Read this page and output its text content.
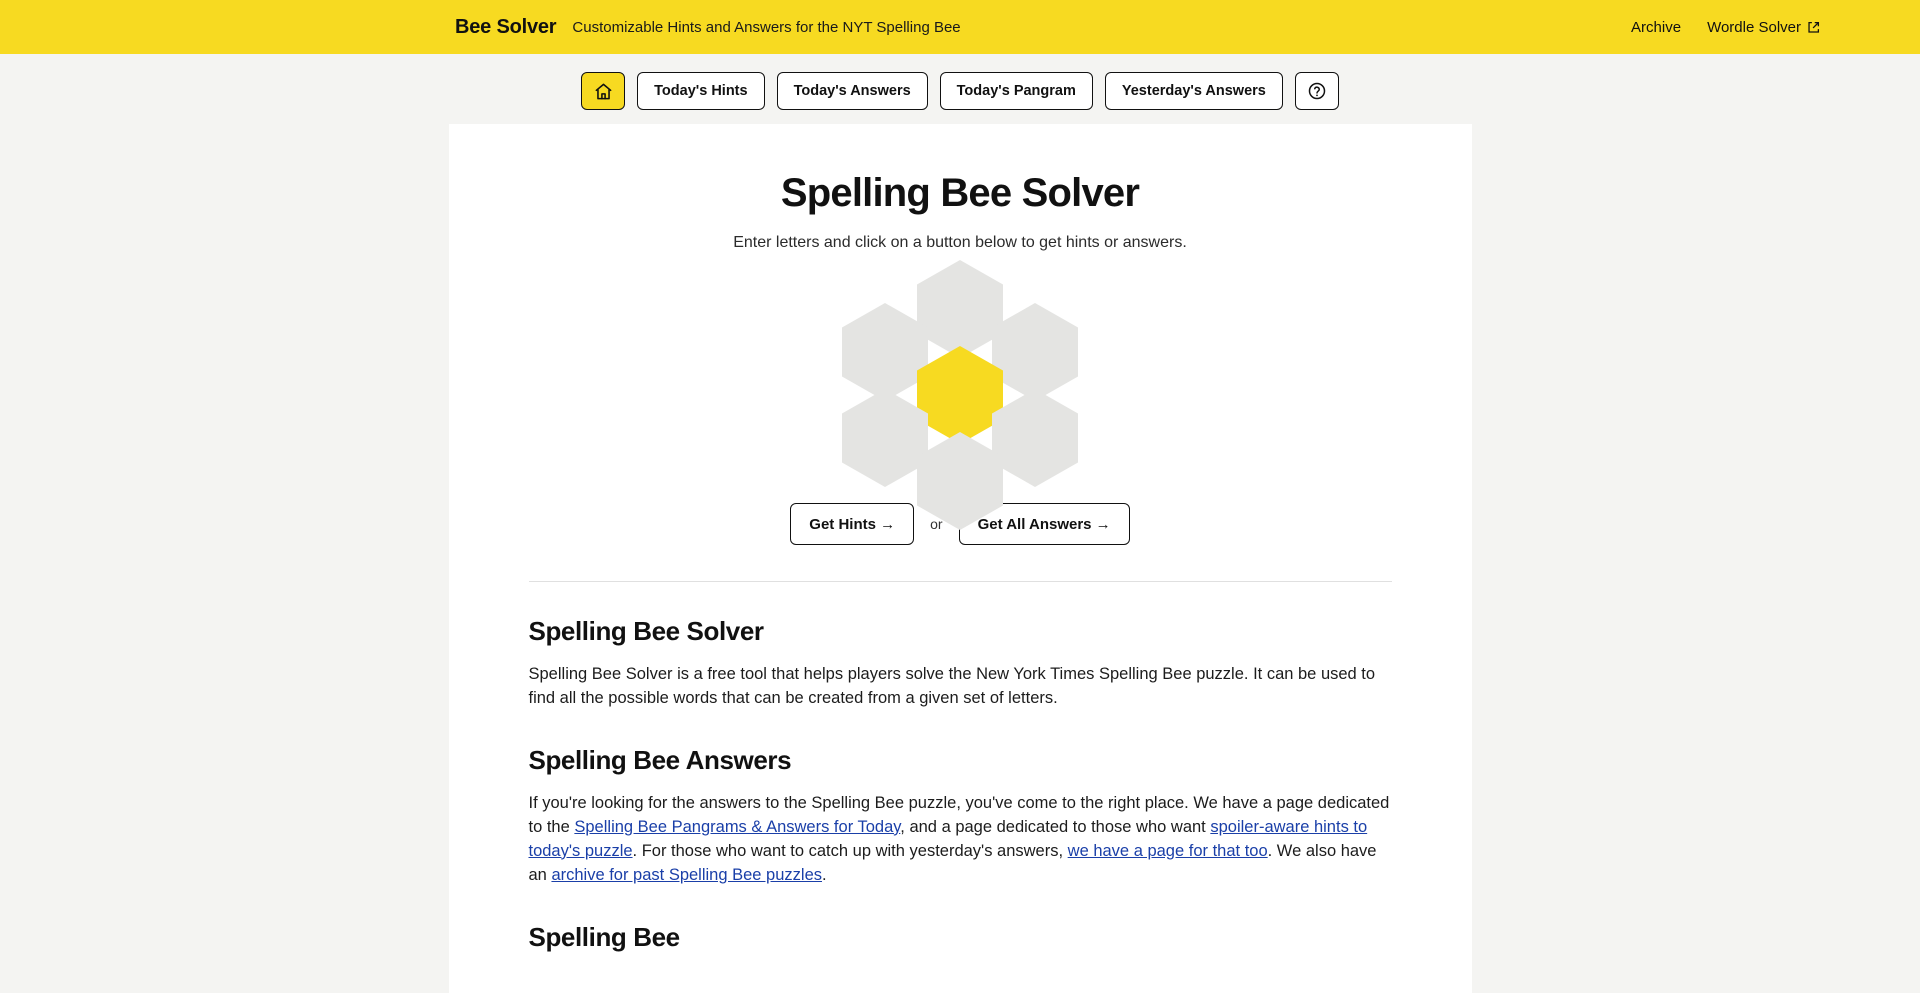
Bee Solver Customizable Hints and Answers for the NYT Spelling Bee	Archive Wordle Solver
Today's Hints	Today's Answers	Today's Pangram	Yesterday's Answers
Spelling Bee Solver

Enter letters and click on a button below to get hints or answers.

Get Hints →	or	Get All Answers →
Spelling Bee Solver

Spelling Bee Solver is a free tool that helps players solve the New York Times Spelling Bee puzzle. It can be used to find all the possible words that can be created from a given set of letters.

Spelling Bee Answers

If you're looking for the answers to the Spelling Bee puzzle, you've come to the right place. We have a page dedicated to the Spelling Bee Pangrams & Answers for Today, and a page dedicated to those who want spoiler-aware hints to today's puzzle. For those who want to catch up with yesterday's answers, we have a page for that too. We also have an archive for past Spelling Bee puzzles.

Spelling Bee
